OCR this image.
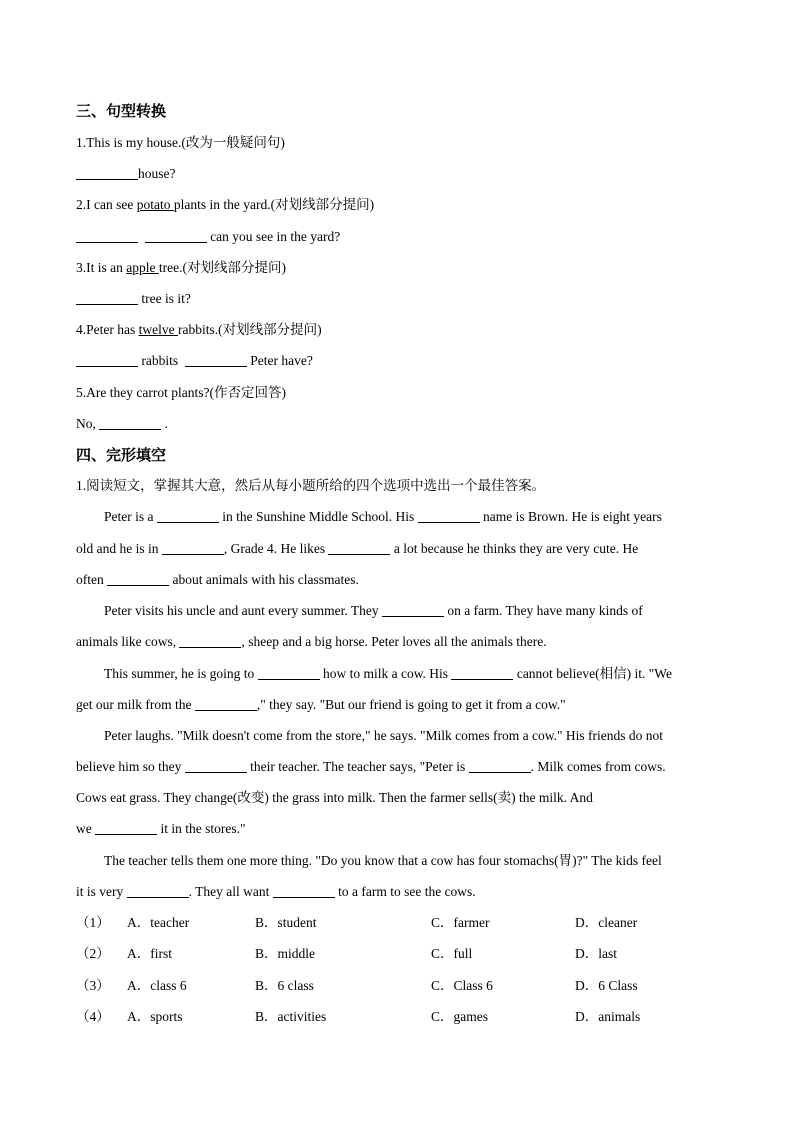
三、句型转换
1.This is my house.(改为一般疑问句)
house?
2.I can see potato plants in the yard.(对划线部分提问)
can you see in the yard?
3.It is an apple tree.(对划线部分提问)
tree is it?
4.Peter has twelve rabbits.(对划线部分提问)
rabbits	Peter have?
5.Are they carrot plants?(作否定回答)
No,	.
四、完形填空
1.阅读短文，掌握其大意，然后从每小题所给的四个选项中选出一个最佳答案。
Peter is a	in the Sunshine Middle School. His	name is Brown. He is eight years
old and he is in	, Grade 4. He likes	a lot because he thinks they are very cute. He
often	about animals with his classmates.
Peter visits his uncle and aunt every summer. They	on a farm. They have many kinds of
animals like cows,	, sheep and a big horse. Peter loves all the animals there.
This summer, he is going to	how to milk a cow. His	cannot believe(相信) it. "We
get our milk from the	," they say. "But our friend is going to get it from a cow."
Peter laughs. "Milk doesn't come from the store," he says. "Milk comes from a cow." His friends do not
believe him so they	their teacher. The teacher says, "Peter is	. Milk comes from cows.
Cows eat grass. They change(改变) the grass into milk. Then the farmer sells(卖) the milk. And
we	it in the stores."
The teacher tells them one more thing. "Do you know that a cow has four stomachs(胃)?" The kids feel
it is very	. They all want	to a farm to see the cows.
（1） A．teacher	B．student	C．farmer	D．cleaner
（2） A．first	B．middle	C．full	D．last
（3） A．class 6	B．6 class	C．Class 6	D．6 Class
（4） A．sports	B．activities	C．games	D．animals
